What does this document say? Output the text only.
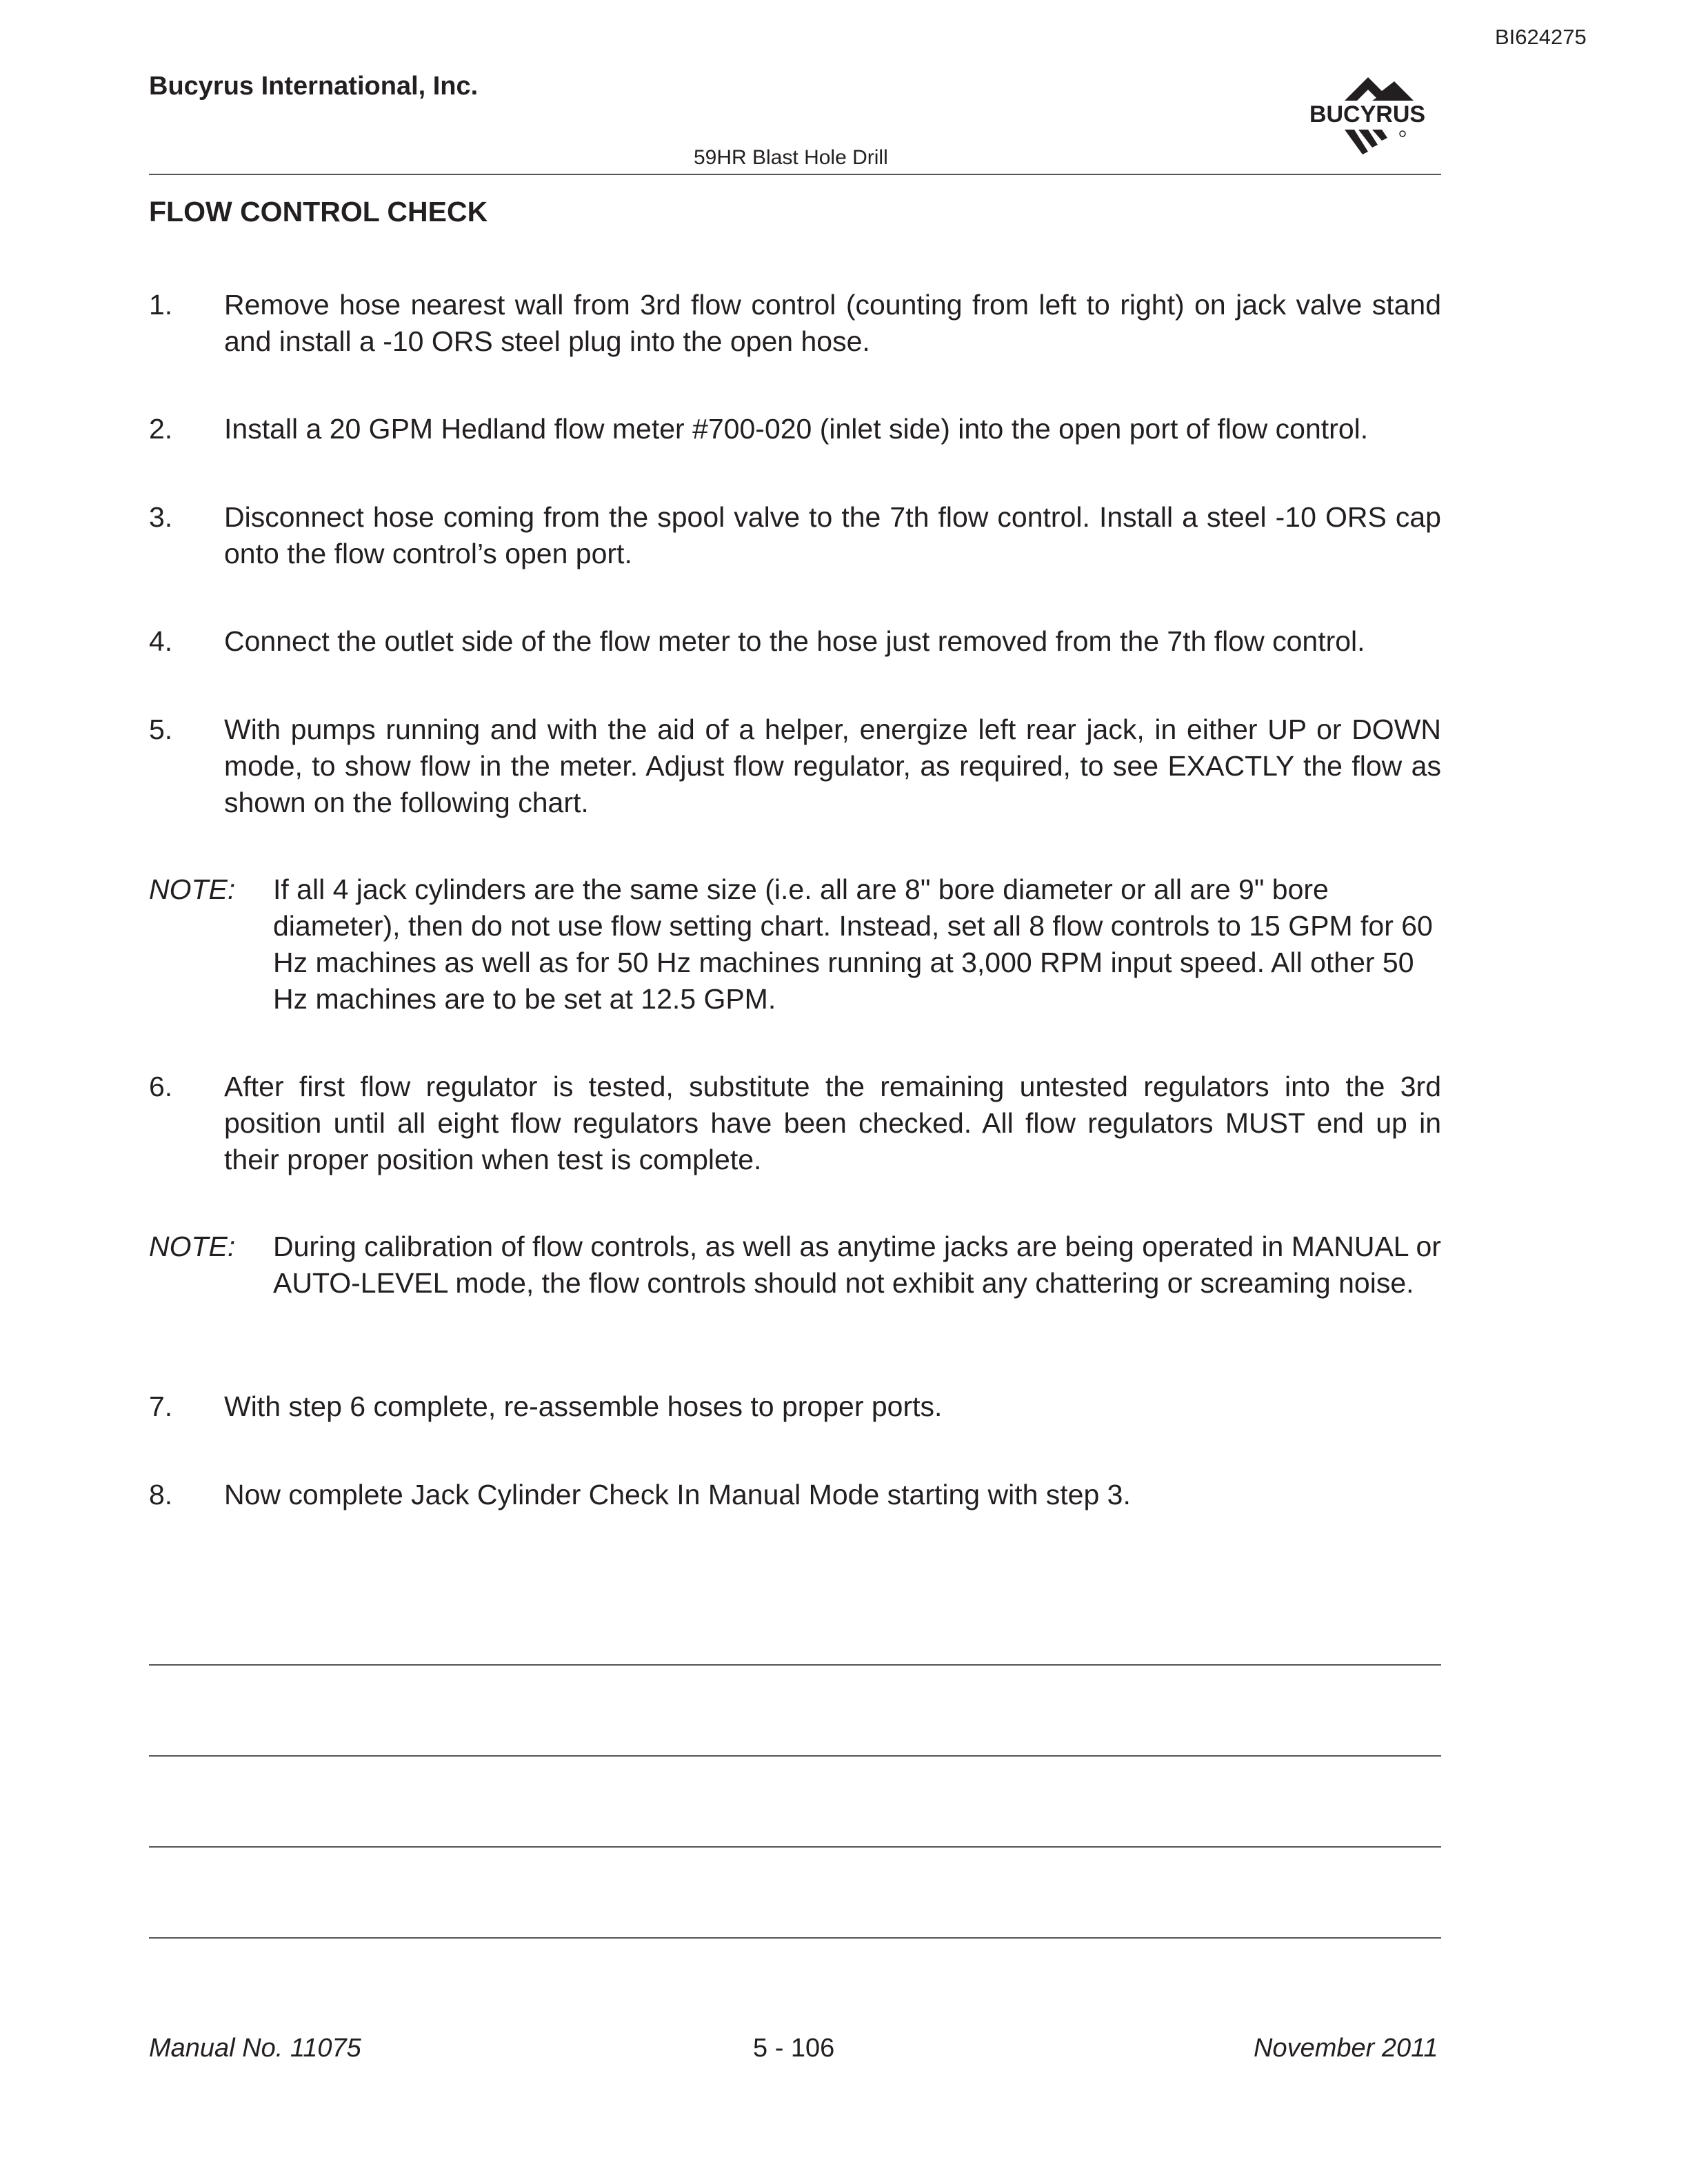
BI624275
Bucyrus International, Inc.
59HR Blast Hole Drill
BUCYRUS
FLOW CONTROL CHECK
1. Remove hose nearest wall from 3rd flow control (counting from left to right) on jack valve stand and install a -10 ORS steel plug into the open hose.
2. Install a 20 GPM Hedland flow meter #700-020 (inlet side) into the open port of flow control.
3. Disconnect hose coming from the spool valve to the 7th flow control. Install a steel -10 ORS cap onto the flow control’s open port.
4. Connect the outlet side of the flow meter to the hose just removed from the 7th flow control.
5. With pumps running and with the aid of a helper, energize left rear jack, in either UP or DOWN mode, to show flow in the meter. Adjust flow regulator, as required, to see EXACTLY the flow as shown on the following chart.
NOTE: If all 4 jack cylinders are the same size (i.e. all are 8" bore diameter or all are 9" bore diameter), then do not use flow setting chart. Instead, set all 8 flow controls to 15 GPM for 60 Hz machines as well as for 50 Hz machines running at 3,000 RPM input speed. All other 50 Hz machines are to be set at 12.5 GPM.
6. After first flow regulator is tested, substitute the remaining untested regulators into the 3rd position until all eight flow regulators have been checked. All flow regulators MUST end up in their proper position when test is complete.
NOTE: During calibration of flow controls, as well as anytime jacks are being operated in MANUAL or AUTO-LEVEL mode, the flow controls should not exhibit any chattering or screaming noise.
7. With step 6 complete, re-assemble hoses to proper ports.
8. Now complete Jack Cylinder Check In Manual Mode starting with step 3.
Manual No. 11075	5 - 106	November 2011
